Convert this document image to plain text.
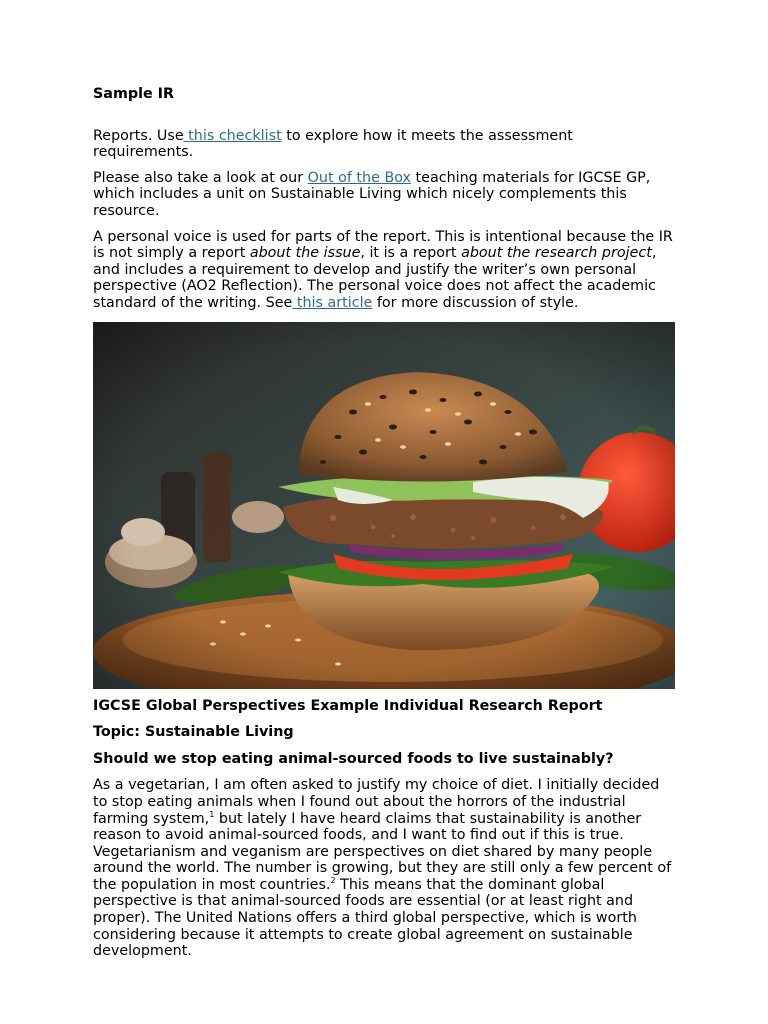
Sample IR

Reports. Use this checklist to explore how it meets the assessment requirements.

Please also take a look at our Out of the Box teaching materials for IGCSE GP, which includes a unit on Sustainable Living which nicely complements this resource.

A personal voice is used for parts of the report. This is intentional because the IR is not simply a report about the issue, it is a report about the research project, and includes a requirement to develop and justify the writer’s own personal perspective (AO2 Reflection). The personal voice does not affect the academic standard of the writing. See this article for more discussion of style.

IGCSE Global Perspectives Example Individual Research Report

Topic: Sustainable Living

Should we stop eating animal-sourced foods to live sustainably?

As a vegetarian, I am often asked to justify my choice of diet. I initially decided to stop eating animals when I found out about the horrors of the industrial farming system,$^1$ but lately I have heard claims that sustainability is another reason to avoid animal-sourced foods, and I want to find out if this is true. Vegetarianism and veganism are perspectives on diet shared by many people around the world. The number is growing, but they are still only a few percent of the population in most countries.$^2$ This means that the dominant global perspective is that animal-sourced foods are essential (or at least right and proper). The United Nations offers a third global perspective, which is worth considering because it attempts to create global agreement on sustainable development.
